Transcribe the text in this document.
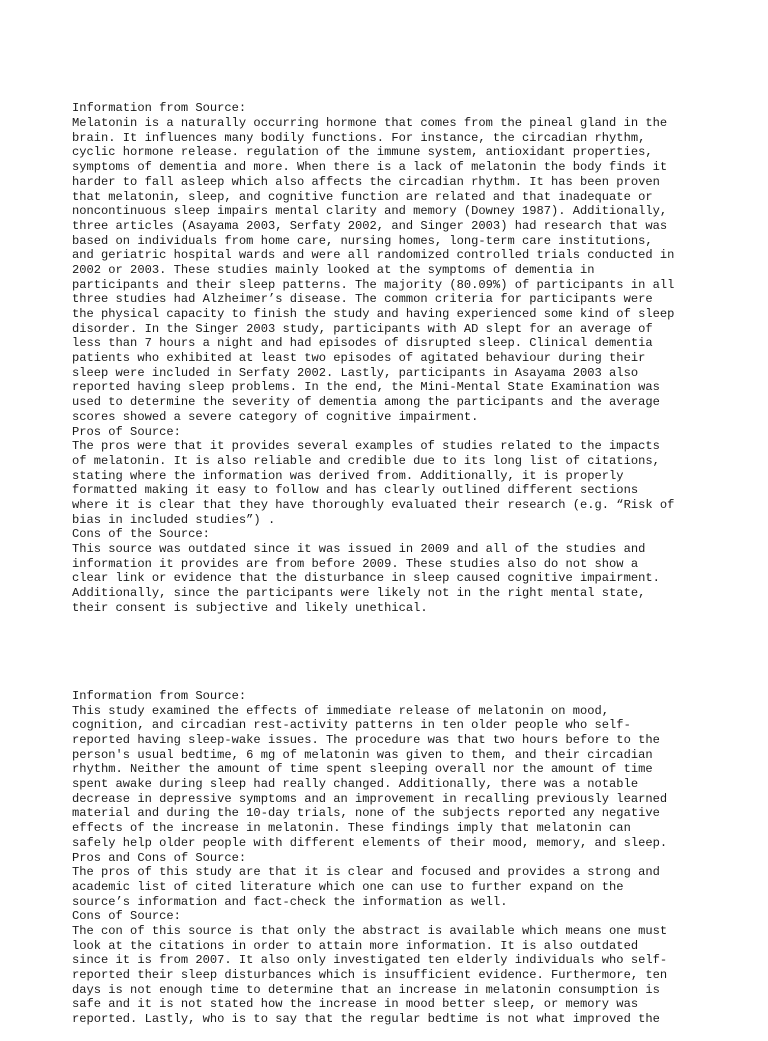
Information from Source:
Melatonin is a naturally occurring hormone that comes from the pineal gland in the
brain. It influences many bodily functions. For instance, the circadian rhythm,
cyclic hormone release. regulation of the immune system, antioxidant properties,
symptoms of dementia and more. When there is a lack of melatonin the body finds it
harder to fall asleep which also affects the circadian rhythm. It has been proven
that melatonin, sleep, and cognitive function are related and that inadequate or
noncontinuous sleep impairs mental clarity and memory (Downey 1987). Additionally,
three articles (Asayama 2003, Serfaty 2002, and Singer 2003) had research that was
based on individuals from home care, nursing homes, long-term care institutions,
and geriatric hospital wards and were all randomized controlled trials conducted in
2002 or 2003. These studies mainly looked at the symptoms of dementia in
participants and their sleep patterns. The majority (80.09%) of participants in all
three studies had Alzheimer’s disease. The common criteria for participants were
the physical capacity to finish the study and having experienced some kind of sleep
disorder. In the Singer 2003 study, participants with AD slept for an average of
less than 7 hours a night and had episodes of disrupted sleep. Clinical dementia
patients who exhibited at least two episodes of agitated behaviour during their
sleep were included in Serfaty 2002. Lastly, participants in Asayama 2003 also
reported having sleep problems. In the end, the Mini-Mental State Examination was
used to determine the severity of dementia among the participants and the average
scores showed a severe category of cognitive impairment.
Pros of Source:
The pros were that it provides several examples of studies related to the impacts
of melatonin. It is also reliable and credible due to its long list of citations,
stating where the information was derived from. Additionally, it is properly
formatted making it easy to follow and has clearly outlined different sections
where it is clear that they have thoroughly evaluated their research (e.g. “Risk of
bias in included studies”) .
Cons of the Source:
This source was outdated since it was issued in 2009 and all of the studies and
information it provides are from before 2009. These studies also do not show a
clear link or evidence that the disturbance in sleep caused cognitive impairment.
Additionally, since the participants were likely not in the right mental state,
their consent is subjective and likely unethical.

Information from Source:
This study examined the effects of immediate release of melatonin on mood,
cognition, and circadian rest-activity patterns in ten older people who self-
reported having sleep-wake issues. The procedure was that two hours before to the
person's usual bedtime, 6 mg of melatonin was given to them, and their circadian
rhythm. Neither the amount of time spent sleeping overall nor the amount of time
spent awake during sleep had really changed. Additionally, there was a notable
decrease in depressive symptoms and an improvement in recalling previously learned
material and during the 10-day trials, none of the subjects reported any negative
effects of the increase in melatonin. These findings imply that melatonin can
safely help older people with different elements of their mood, memory, and sleep.
Pros and Cons of Source:
The pros of this study are that it is clear and focused and provides a strong and
academic list of cited literature which one can use to further expand on the
source’s information and fact-check the information as well.
Cons of Source:
The con of this source is that only the abstract is available which means one must
look at the citations in order to attain more information. It is also outdated
since it is from 2007. It also only investigated ten elderly individuals who self-
reported their sleep disturbances which is insufficient evidence. Furthermore, ten
days is not enough time to determine that an increase in melatonin consumption is
safe and it is not stated how the increase in mood better sleep, or memory was
reported. Lastly, who is to say that the regular bedtime is not what improved the
